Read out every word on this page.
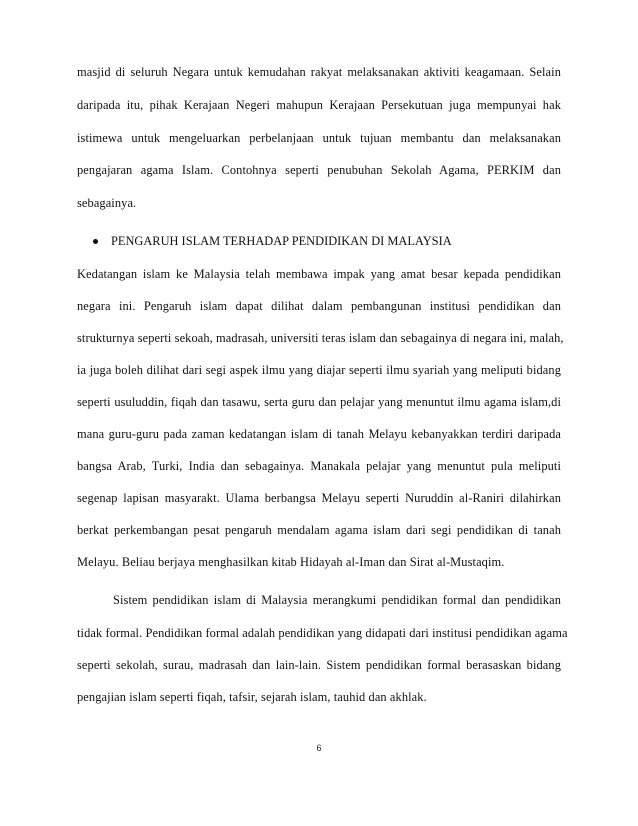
masjid di seluruh Negara untuk kemudahan rakyat melaksanakan aktiviti keagamaan. Selain
daripada itu, pihak Kerajaan Negeri mahupun Kerajaan Persekutuan juga mempunyai hak
istimewa untuk mengeluarkan perbelanjaan untuk tujuan membantu dan melaksanakan
pengajaran agama Islam. Contohnya seperti penubuhan Sekolah Agama, PERKIM dan
sebagainya.
PENGARUH ISLAM TERHADAP PENDIDIKAN DI MALAYSIA
Kedatangan islam ke Malaysia telah membawa impak yang amat besar kepada pendidikan
negara ini. Pengaruh islam dapat dilihat dalam pembangunan institusi pendidikan dan
strukturnya seperti sekoah, madrasah, universiti teras islam dan sebagainya di negara ini, malah,
ia juga boleh dilihat dari segi aspek ilmu yang diajar seperti ilmu syariah yang meliputi bidang
seperti usuluddin, fiqah dan tasawu, serta guru dan pelajar yang menuntut ilmu agama islam,di
mana guru-guru pada zaman kedatangan islam di tanah Melayu kebanyakkan terdiri daripada
bangsa Arab, Turki, India dan sebagainya. Manakala pelajar yang menuntut pula meliputi
segenap lapisan masyarakt. Ulama berbangsa Melayu seperti Nuruddin al-Raniri dilahirkan
berkat perkembangan pesat pengaruh mendalam agama islam dari segi pendidikan di tanah
Melayu. Beliau berjaya menghasilkan kitab Hidayah al-Iman dan Sirat al-Mustaqim.
Sistem pendidikan islam di Malaysia merangkumi pendidikan formal dan pendidikan
tidak formal. Pendidikan formal adalah pendidikan yang didapati dari institusi pendidikan agama
seperti sekolah, surau, madrasah dan lain-lain. Sistem pendidikan formal berasaskan bidang
pengajian islam seperti fiqah, tafsir, sejarah islam, tauhid dan akhlak.
6
